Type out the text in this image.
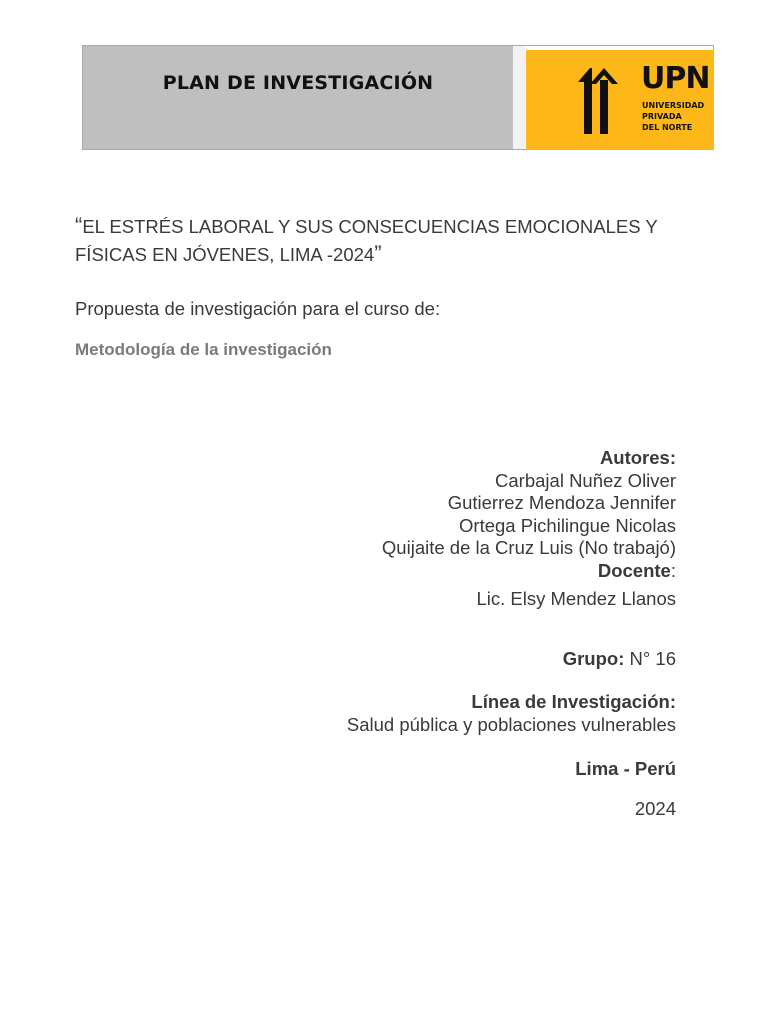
PLAN DE INVESTIGACIÓN	UPN
UNIVERSIDAD
PRIVADA
DEL NORTE
“EL ESTRÉS LABORAL Y SUS CONSECUENCIAS EMOCIONALES Y FÍSICAS EN JÓVENES, LIMA -2024”
Propuesta de investigación para el curso de:
Metodología de la investigación
Autores:
Carbajal Nuñez Oliver
Gutierrez Mendoza Jennifer
Ortega Pichilingue Nicolas
Quijaite de la Cruz Luis (No trabajó)
Docente:
Lic. Elsy Mendez Llanos
Grupo: N° 16
Línea de Investigación:
Salud pública y poblaciones vulnerables
Lima - Perú
2024
